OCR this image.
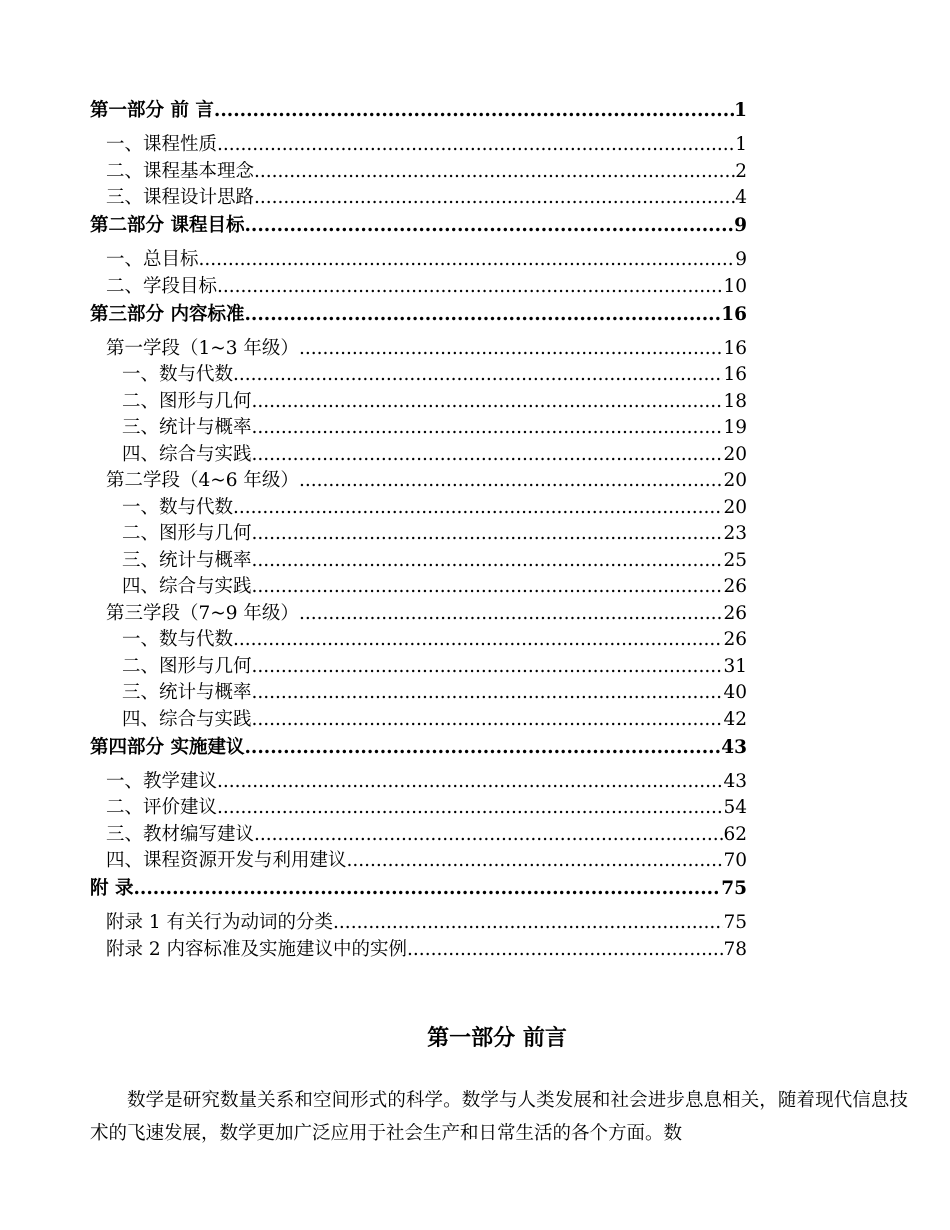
第一部分 前 言 .....	1
一、课程性质 .....	1
二、课程基本理念 .....	2
三、课程设计思路 .....	4
第二部分 课程目标 .....	9
一、总目标 .....	9
二、学段目标 .....	10
第三部分 内容标准 .....	16
第一学段（1~3 年级） .....	16
一、数与代数 .....	16
二、图形与几何 .....	18
三、统计与概率 .....	19
四、综合与实践 .....	20
第二学段（4~6 年级） .....	20
一、数与代数 .....	20
二、图形与几何 .....	23
三、统计与概率 .....	25
四、综合与实践 .....	26
第三学段（7~9 年级） .....	26
一、数与代数 .....	26
二、图形与几何 .....	31
三、统计与概率 .....	40
四、综合与实践 .....	42
第四部分 实施建议 .....	43
一、教学建议 .....	43
二、评价建议 .....	54
三、教材编写建议 .....	62
四、课程资源开发与利用建议 .....	70
附 录 .....	75
附录 1 有关行为动词的分类 .....	75
附录 2 内容标准及实施建议中的实例 .....	78
第一部分 前言

数学是研究数量关系和空间形式的科学。数学与人类发展和社会进步息息相关，随着现代信息技术的飞速发展，数学更加广泛应用于社会生产和日常生活的各个方面。数
